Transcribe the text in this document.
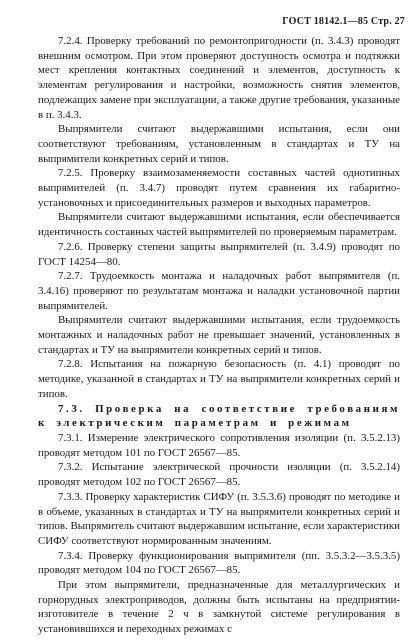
ГОСТ 18142.1—85 Стр. 27

7.2.4. Проверку требований по ремонтопригодности (п. 3.4.3) проводят внешним осмотром. При этом проверяют доступность осмотра и подтяжки мест крепления контактных соединений и элементов, доступность к элементам регулирования и настройки, возможность снятия элементов, подлежащих замене при эксплуатации, а также другие требования, указанные в п. 3.4.3.

Выпрямители считают выдержавшими испытания, если они соответствуют требованиям, установленным в стандартах и ТУ на выпрямители конкретных серий и типов.

7.2.5. Проверку взаимозаменяемости составных частей однотипных выпрямителей (п. 3.4.7) проводят путем сравнения их габаритно-установочных и присоединительных размеров и выходных параметров.

Выпрямители считают выдержавшими испытания, если обеспечивается идентичность составных частей выпрямителей по проверяемым параметрам.

7.2.6. Проверку степени защиты выпрямителей (п. 3.4.9) проводят по ГОСТ 14254—80.

7.2.7. Трудоемкость монтажа и наладочных работ выпрямителя (п. 3.4.16) проверяют по результатам монтажа и наладки установочной партии выпрямителей.

Выпрямители считают выдержавшими испытания, если трудоемкость монтажных и наладочных работ не превышает значений, установленных в стандартах и ТУ на выпрямители конкретных серий и типов.

7.2.8. Испытания на пожарную безопасность (п. 4.1) проводят по методике, указанной в стандартах и ТУ на выпрямители конкретных серий и типов.

7.3. Проверка на соответствие требованиям к электрическим параметрам и режимам

7.3.1. Измерение электрического сопротивления изоляции (п. 3.5.2.13) проводят методом 101 по ГОСТ 26567—85.

7.3.2. Испытание электрической прочности изоляции (п. 3.5.2.14) проводят методом 102 по ГОСТ 26567—85.

7.3.3. Проверку характеристик СИФУ (п. 3.5.3.6) проводят по методике и в объеме, указанных в стандартах и ТУ на выпрямители конкретных серий и типов. Выпрямитель считают выдержавшим испытание, если характеристики СИФУ соответствуют нормированным значениям.

7.3.4. Проверку функционирования выпрямителя (пп. 3.5.3.2—3.5.3.5) проводят методом 104 по ГОСТ 26567—85.

При этом выпрямители, предназначенные для металлургических и горнорудных электроприводов, должны быть испытаны на предприятии-изготовителе в течение 2 ч в замкнутой системе регулирования в установившихся и переходных режимах с
